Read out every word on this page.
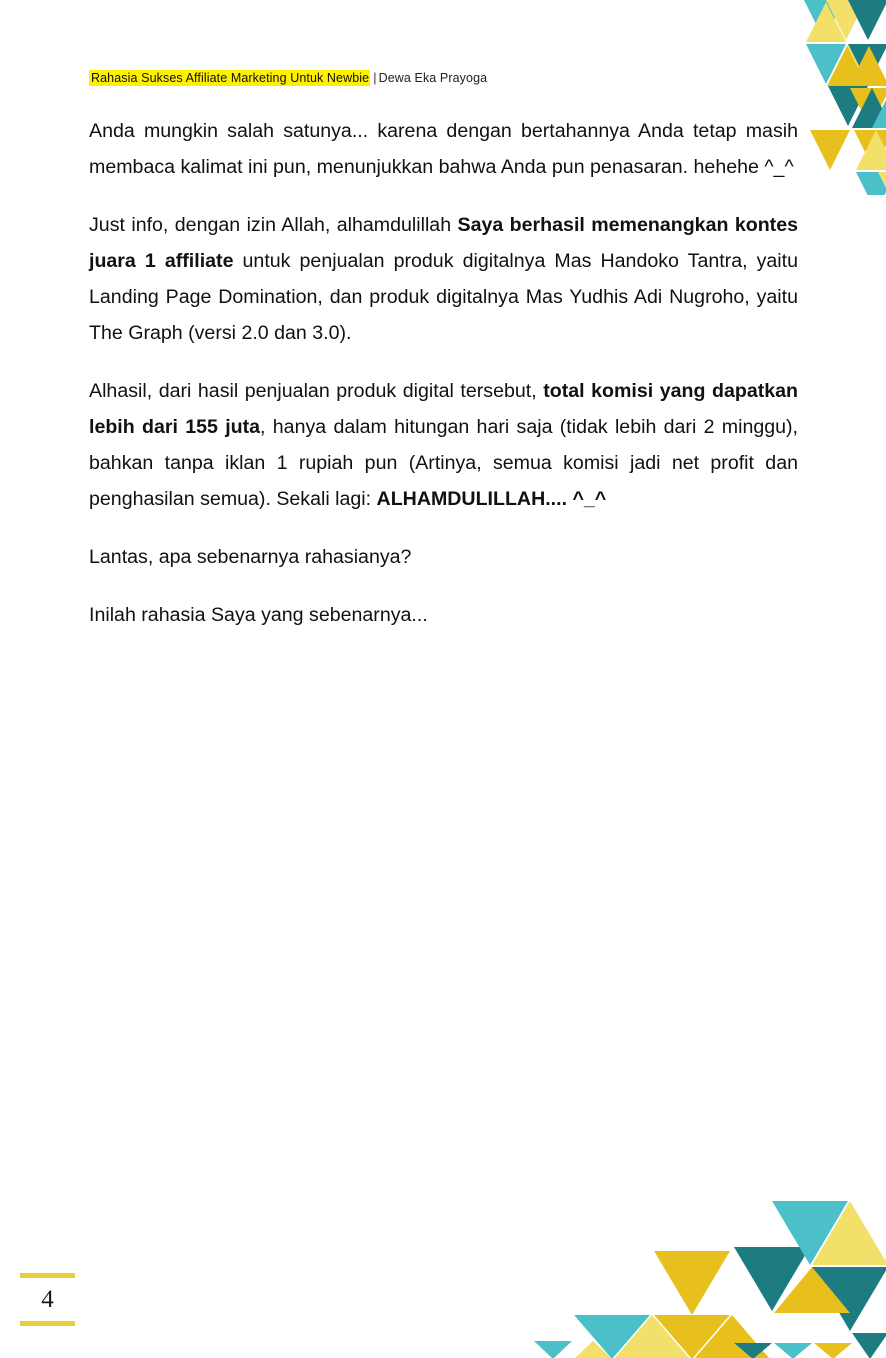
Rahasia Sukses Affiliate Marketing Untuk Newbie | Dewa Eka Prayoga
Anda mungkin salah satunya... karena dengan bertahannya Anda tetap masih membaca kalimat ini pun, menunjukkan bahwa Anda pun penasaran. hehehe ^_^
Just info, dengan izin Allah, alhamdulillah Saya berhasil memenangkan kontes juara 1 affiliate untuk penjualan produk digitalnya Mas Handoko Tantra, yaitu Landing Page Domination, dan produk digitalnya Mas Yudhis Adi Nugroho, yaitu The Graph (versi 2.0 dan 3.0).
Alhasil, dari hasil penjualan produk digital tersebut, total komisi yang dapatkan lebih dari 155 juta, hanya dalam hitungan hari saja (tidak lebih dari 2 minggu), bahkan tanpa iklan 1 rupiah pun (Artinya, semua komisi jadi net profit dan penghasilan semua). Sekali lagi: ALHAMDULILLAH.... ^_^
Lantas, apa sebenarnya rahasianya?
Inilah rahasia Saya yang sebenarnya...
4
